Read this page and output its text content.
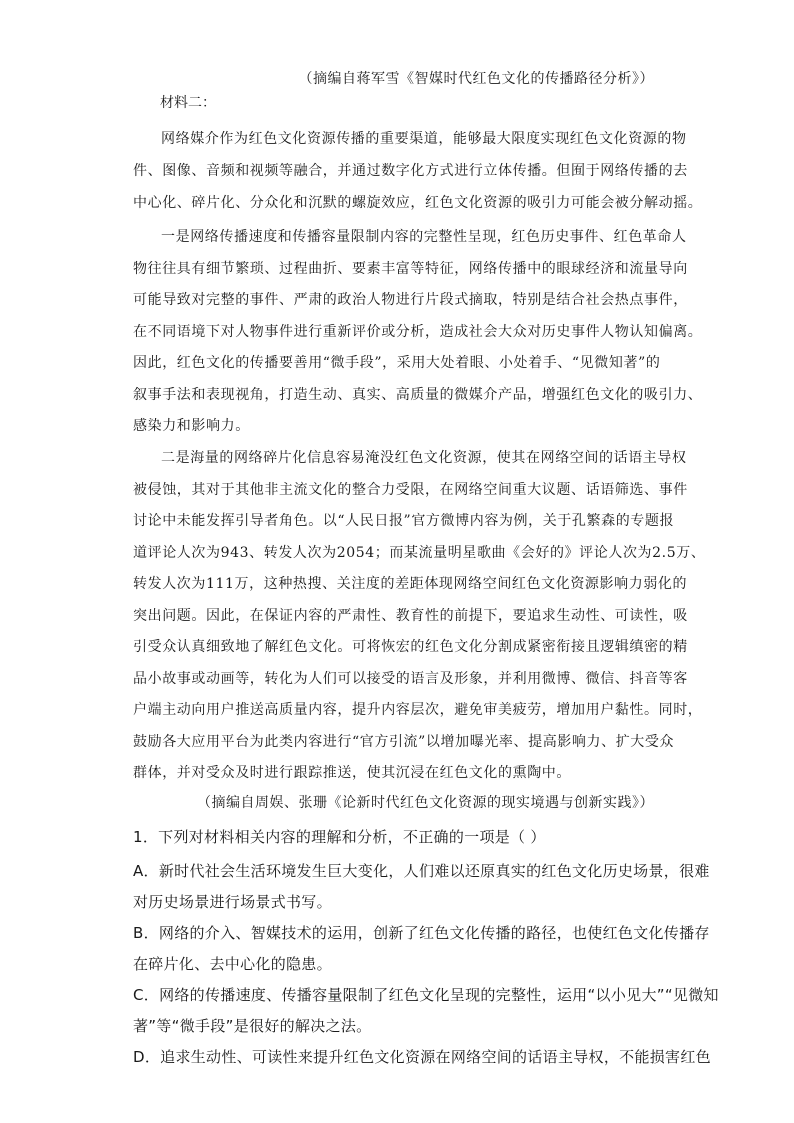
（摘编自蒋军雪《智媒时代红色文化的传播路径分析》）
材料二：
网络媒介作为红色文化资源传播的重要渠道，能够最大限度实现红色文化资源的物
件、图像、音频和视频等融合，并通过数字化方式进行立体传播。但囿于网络传播的去
中心化、碎片化、分众化和沉默的螺旋效应，红色文化资源的吸引力可能会被分解动摇。
一是网络传播速度和传播容量限制内容的完整性呈现，红色历史事件、红色革命人
物往往具有细节繁琐、过程曲折、要素丰富等特征，网络传播中的眼球经济和流量导向
可能导致对完整的事件、严肃的政治人物进行片段式摘取，特别是结合社会热点事件，
在不同语境下对人物事件进行重新评价或分析，造成社会大众对历史事件人物认知偏离。
因此，红色文化的传播要善用“微手段”，采用大处着眼、小处着手、“见微知著”的
叙事手法和表现视角，打造生动、真实、高质量的微媒介产品，增强红色文化的吸引力、
感染力和影响力。
二是海量的网络碎片化信息容易淹没红色文化资源，使其在网络空间的话语主导权
被侵蚀，其对于其他非主流文化的整合力受限，在网络空间重大议题、话语筛选、事件
讨论中未能发挥引导者角色。以“人民日报”官方微博内容为例，关于孔繁森的专题报
道评论人次为943、转发人次为2054；而某流量明星歌曲《会好的》评论人次为2.5万、
转发人次为111万，这种热搜、关注度的差距体现网络空间红色文化资源影响力弱化的
突出问题。因此，在保证内容的严肃性、教育性的前提下，要追求生动性、可读性，吸
引受众认真细致地了解红色文化。可将恢宏的红色文化分割成紧密衔接且逻辑缜密的精
品小故事或动画等，转化为人们可以接受的语言及形象，并利用微博、微信、抖音等客
户端主动向用户推送高质量内容，提升内容层次，避免审美疲劳，增加用户黏性。同时，
鼓励各大应用平台为此类内容进行“官方引流”以增加曝光率、提高影响力、扩大受众
群体，并对受众及时进行跟踪推送，使其沉浸在红色文化的熏陶中。
（摘编自周娱、张珊《论新时代红色文化资源的现实境遇与创新实践》）
1．下列对材料相关内容的理解和分析，不正确的一项是（ ）
A．新时代社会生活环境发生巨大变化，人们难以还原真实的红色文化历史场景，很难
对历史场景进行场景式书写。
B．网络的介入、智媒技术的运用，创新了红色文化传播的路径，也使红色文化传播存
在碎片化、去中心化的隐患。
C．网络的传播速度、传播容量限制了红色文化呈现的完整性，运用“以小见大”“见微知
著”等“微手段”是很好的解决之法。
D．追求生动性、可读性来提升红色文化资源在网络空间的话语主导权，不能损害红色
